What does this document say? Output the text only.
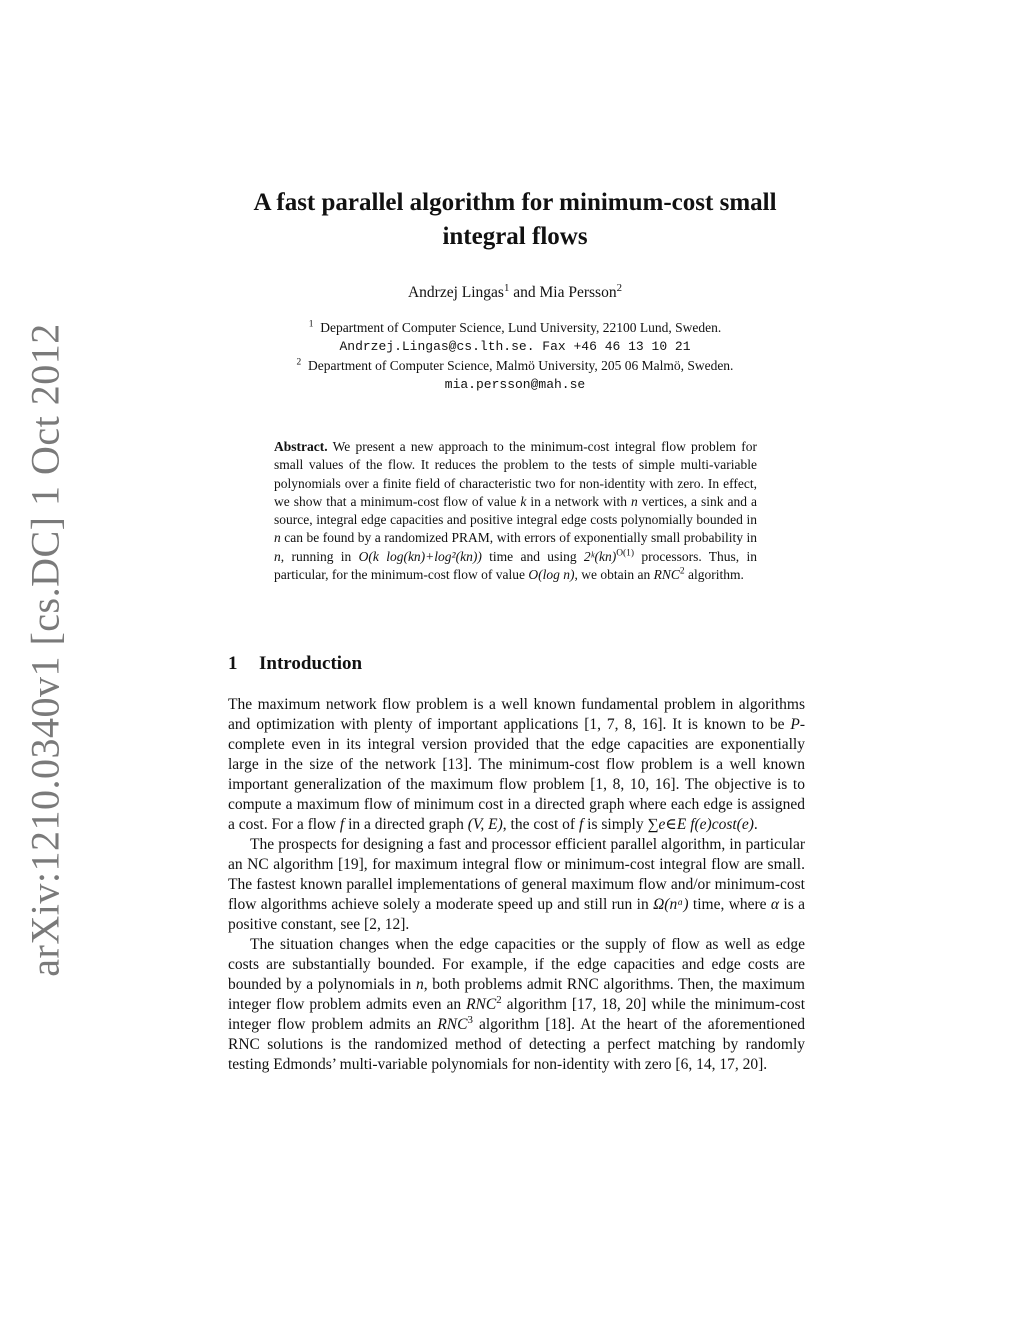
arXiv:1210.0340v1 [cs.DC] 1 Oct 2012
A fast parallel algorithm for minimum-cost small
integral flows
Andrzej Lingas$^1$ and Mia Persson$^2$
$^1$ Department of Computer Science, Lund University, 22100 Lund, Sweden.
Andrzej.Lingas@cs.lth.se. Fax +46 46 13 10 21
$^2$ Department of Computer Science, Malmö University, 205 06 Malmö, Sweden.
mia.persson@mah.se
Abstract. We present a new approach to the minimum-cost integral flow problem for small values of the flow. It reduces the problem to the tests of simple multi-variable polynomials over a finite field of characteristic two for non-identity with zero. In effect, we show that a minimum-cost flow of value k in a network with n vertices, a sink and a source, integral edge capacities and positive integral edge costs polynomially bounded in n can be found by a randomized PRAM, with errors of exponentially small probability in n, running in O(k log(kn)+log²(kn)) time and using 2ᵏ(kn)$^{O(1)}$ processors. Thus, in particular, for the minimum-cost flow of value O(log n), we obtain an RNC$^2$ algorithm.
1 Introduction

The maximum network flow problem is a well known fundamental problem in algorithms and optimization with plenty of important applications [1, 7, 8, 16]. It is known to be P-complete even in its integral version provided that the edge capacities are exponentially large in the size of the network [13]. The minimum-cost flow problem is a well known important generalization of the maximum flow problem [1, 8, 10, 16]. The objective is to compute a maximum flow of minimum cost in a directed graph where each edge is assigned a cost. For a flow f in a directed graph (V, E), the cost of f is simply ∑e∈E f(e)cost(e).

The prospects for designing a fast and processor efficient parallel algorithm, in particular an NC algorithm [19], for maximum integral flow or minimum-cost integral flow are small. The fastest known parallel implementations of general maximum flow and/or minimum-cost flow algorithms achieve solely a moderate speed up and still run in Ω(nᵅ) time, where α is a positive constant, see [2, 12].

The situation changes when the edge capacities or the supply of flow as well as edge costs are substantially bounded. For example, if the edge capacities and edge costs are bounded by a polynomials in n, both problems admit RNC algorithms. Then, the maximum integer flow problem admits even an RNC$^2$ algorithm [17, 18, 20] while the minimum-cost integer flow problem admits an RNC$^3$ algorithm [18]. At the heart of the aforementioned RNC solutions is the randomized method of detecting a perfect matching by randomly testing Edmonds’ multi-variable polynomials for non-identity with zero [6, 14, 17, 20].
